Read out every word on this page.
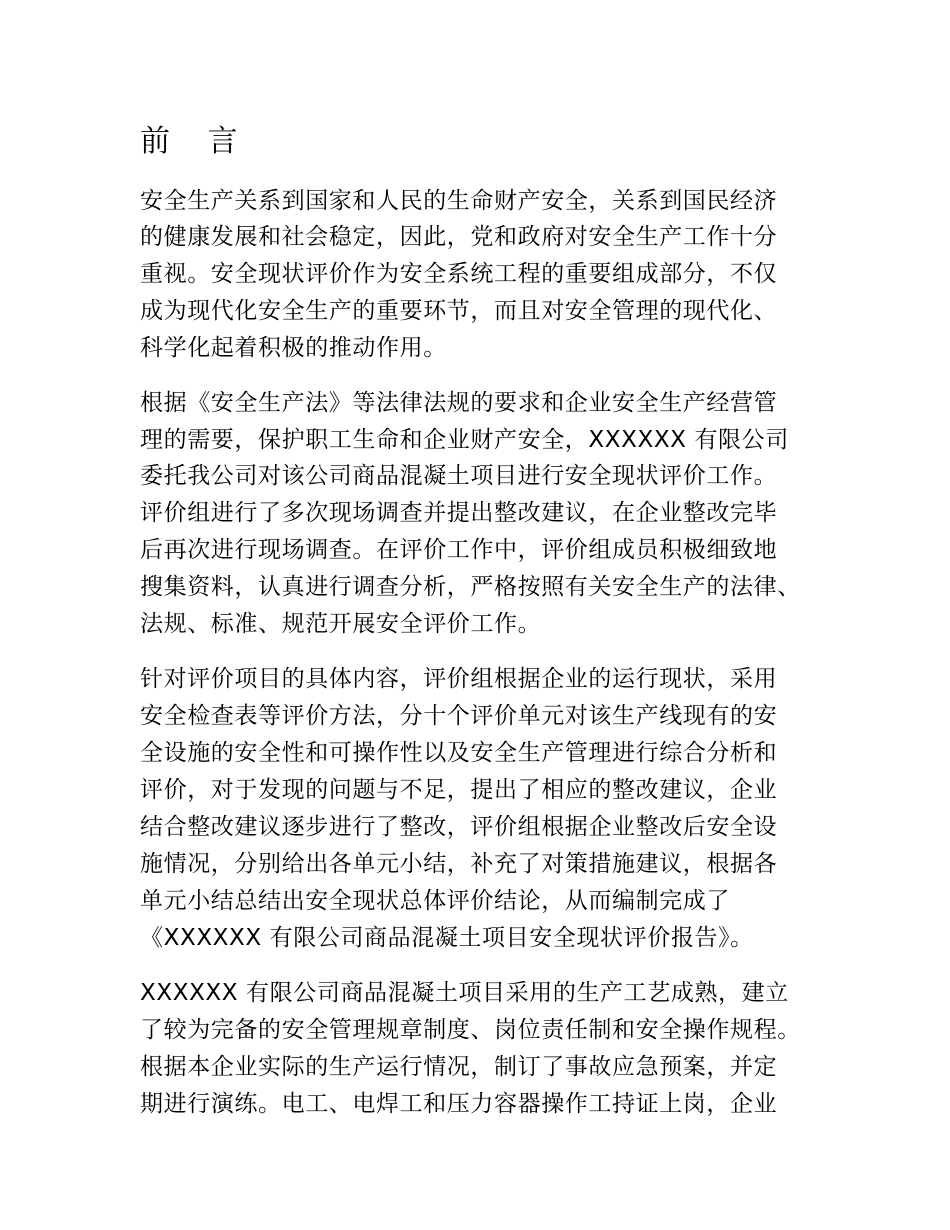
前 言
安全生产关系到国家和人民的生命财产安全，关系到国民经济
的健康发展和社会稳定，因此，党和政府对安全生产工作十分
重视。安全现状评价作为安全系统工程的重要组成部分，不仅
成为现代化安全生产的重要环节，而且对安全管理的现代化、
科学化起着积极的推动作用。
根据《安全生产法》等法律法规的要求和企业安全生产经营管
理的需要，保护职工生命和企业财产安全，XXXXXX 有限公司
委托我公司对该公司商品混凝土项目进行安全现状评价工作。
评价组进行了多次现场调查并提出整改建议，在企业整改完毕
后再次进行现场调查。在评价工作中，评价组成员积极细致地
搜集资料，认真进行调查分析，严格按照有关安全生产的法律、
法规、标准、规范开展安全评价工作。
针对评价项目的具体内容，评价组根据企业的运行现状，采用
安全检查表等评价方法，分十个评价单元对该生产线现有的安
全设施的安全性和可操作性以及安全生产管理进行综合分析和
评价，对于发现的问题与不足，提出了相应的整改建议，企业
结合整改建议逐步进行了整改，评价组根据企业整改后安全设
施情况，分别给出各单元小结，补充了对策措施建议，根据各
单元小结总结出安全现状总体评价结论，从而编制完成了
《XXXXXX 有限公司商品混凝土项目安全现状评价报告》。
XXXXXX 有限公司商品混凝土项目采用的生产工艺成熟，建立
了较为完备的安全管理规章制度、岗位责任制和安全操作规程。
根据本企业实际的生产运行情况，制订了事故应急预案，并定
期进行演练。电工、电焊工和压力容器操作工持证上岗，企业
